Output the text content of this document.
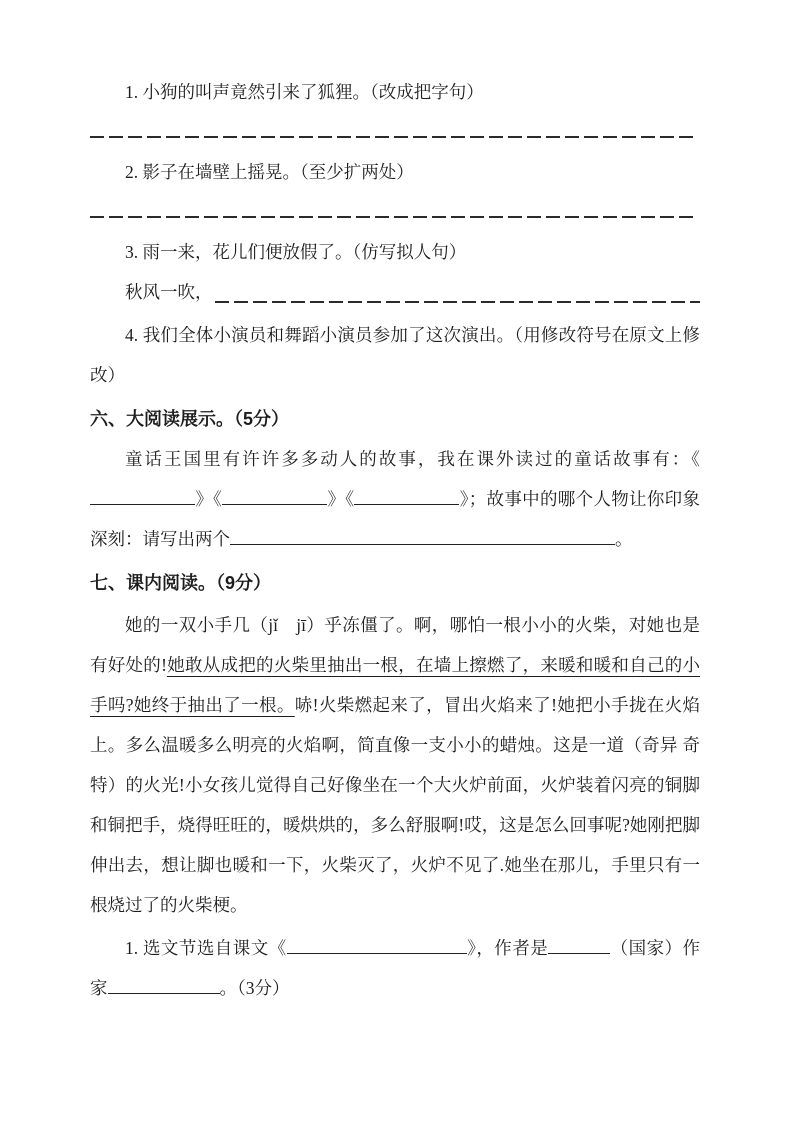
1. 小狗的叫声竟然引来了狐狸。（改成把字句）
2. 影子在墙壁上摇晃。（至少扩两处）
3. 雨一来，花儿们便放假了。（仿写拟人句）
秋风一吹，
4. 我们全体小演员和舞蹈小演员参加了这次演出。（用修改符号在原文上修改）
六、大阅读展示。（5分）
童话王国里有许许多多动人的故事，我在课外读过的童话故事有：《》《	》《	》；故事中的哪个人物让你印象深刻：请写出两个	。
七、课内阅读。（9分）
她的一双小手几（jǐ　jī）乎冻僵了。啊，哪怕一根小小的火柴，对她也是有好处的!她敢从成把的火柴里抽出一根，在墙上擦燃了，来暖和暖和自己的小手吗?她终于抽出了一根。哧!火柴燃起来了，冒出火焰来了!她把小手拢在火焰上。多么温暖多么明亮的火焰啊，简直像一支小小的蜡烛。这是一道（奇异 奇特）的火光!小女孩儿觉得自己好像坐在一个大火炉前面，火炉装着闪亮的铜脚和铜把手，烧得旺旺的，暖烘烘的，多么舒服啊!哎，这是怎么回事呢?她刚把脚伸出去，想让脚也暖和一下，火柴灭了，火炉不见了.她坐在那儿，手里只有一根烧过了的火柴梗。
1. 选文节选自课文《	》，作者是	（国家）作家	。（3分）
